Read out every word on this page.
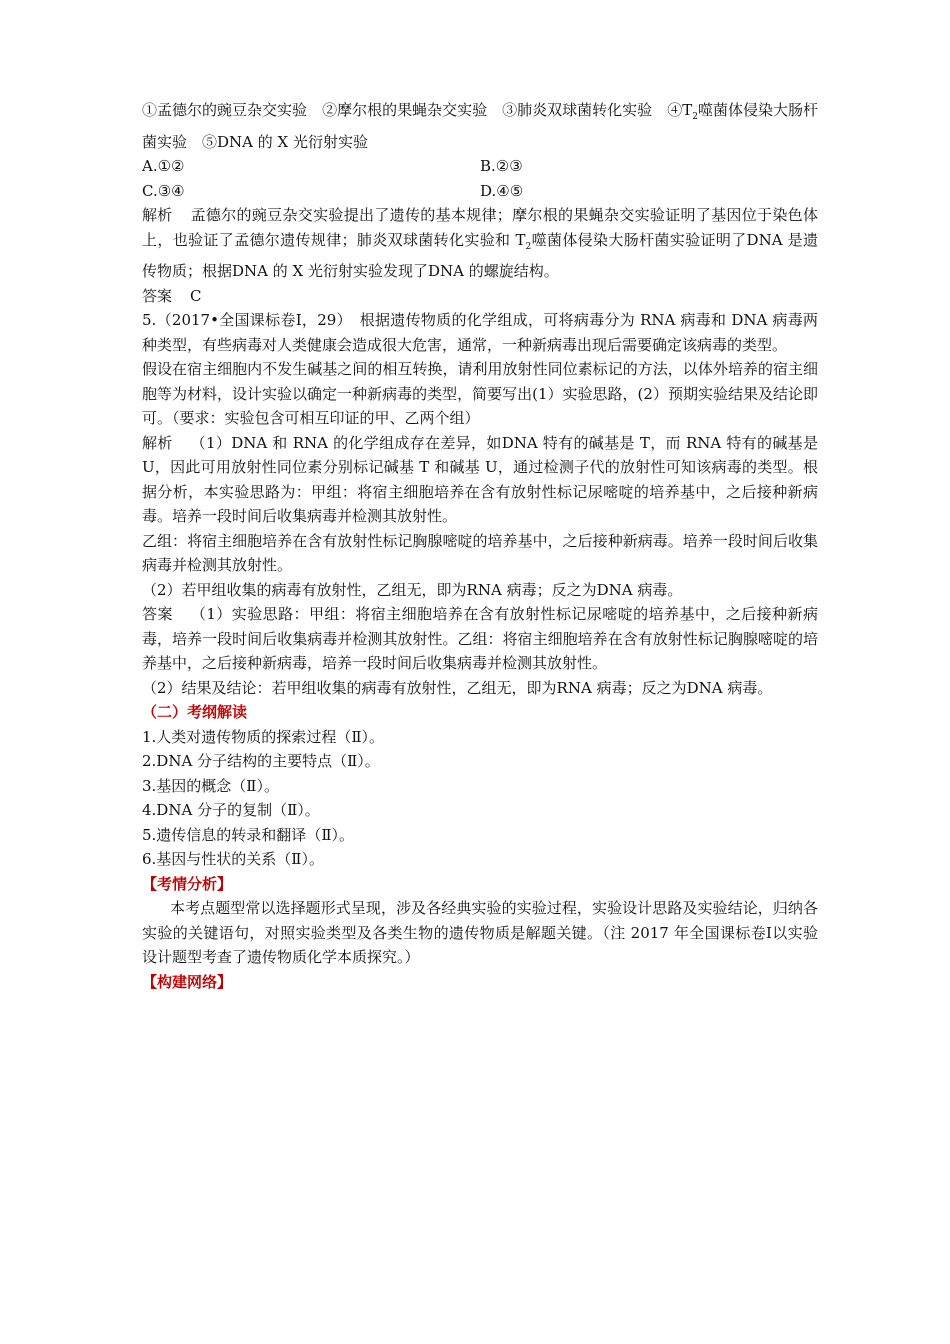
①孟德尔的豌豆杂交实验　②摩尔根的果蝇杂交实验　③肺炎双球菌转化实验　$④T_2$噬菌体侵染大肠杆菌实验　⑤DNA 的 X 光衍射实验

A.①②	B.②③
C.③④	D.④⑤

解析 孟德尔的豌豆杂交实验提出了遗传的基本规律；摩尔根的果蝇杂交实验证明了基因位于染色体上，也验证了孟德尔遗传规律；肺炎双球菌转化实验和 $T_2$噬菌体侵染大肠杆菌实验证明了DNA 是遗传物质；根据DNA 的 X 光衍射实验发现了DNA 的螺旋结构。

答案 C

5.（2017•全国课标卷Ⅰ，29）　根据遗传物质的化学组成，可将病毒分为 RNA 病毒和 DNA 病毒两种类型，有些病毒对人类健康会造成很大危害，通常，一种新病毒出现后需要确定该病毒的类型。

假设在宿主细胞内不发生碱基之间的相互转换，请利用放射性同位素标记的方法，以体外培养的宿主细胞等为材料，设计实验以确定一种新病毒的类型，简要写出(1）实验思路，(2）预期实验结果及结论即可。（要求：实验包含可相互印证的甲、乙两个组）

解析 （1）DNA 和 RNA 的化学组成存在差异，如DNA 特有的碱基是 T，而 RNA 特有的碱基是 U，因此可用放射性同位素分别标记碱基 T 和碱基 U，通过检测子代的放射性可知该病毒的类型。根据分析，本实验思路为：甲组：将宿主细胞培养在含有放射性标记尿嘧啶的培养基中，之后接种新病毒。培养一段时间后收集病毒并检测其放射性。

乙组：将宿主细胞培养在含有放射性标记胸腺嘧啶的培养基中，之后接种新病毒。培养一段时间后收集病毒并检测其放射性。

（2）若甲组收集的病毒有放射性，乙组无，即为RNA 病毒；反之为DNA 病毒。

答案 （1）实验思路：甲组：将宿主细胞培养在含有放射性标记尿嘧啶的培养基中，之后接种新病毒，培养一段时间后收集病毒并检测其放射性。乙组：将宿主细胞培养在含有放射性标记胸腺嘧啶的培养基中，之后接种新病毒，培养一段时间后收集病毒并检测其放射性。

（2）结果及结论：若甲组收集的病毒有放射性，乙组无，即为RNA 病毒；反之为DNA 病毒。

（二）考纲解读

1.人类对遗传物质的探索过程（Ⅱ）。

2.DNA 分子结构的主要特点（Ⅱ）。

3.基因的概念（Ⅱ）。

4.DNA 分子的复制（Ⅱ）。

5.遗传信息的转录和翻译（Ⅱ）。

6.基因与性状的关系（Ⅱ）。

【考情分析】

本考点题型常以选择题形式呈现，涉及各经典实验的实验过程，实验设计思路及实验结论，归纳各实验的关键语句，对照实验类型及各类生物的遗传物质是解题关键。（注 2017 年全国课标卷Ⅰ以实验设计题型考查了遗传物质化学本质探究。）

【构建网络】
